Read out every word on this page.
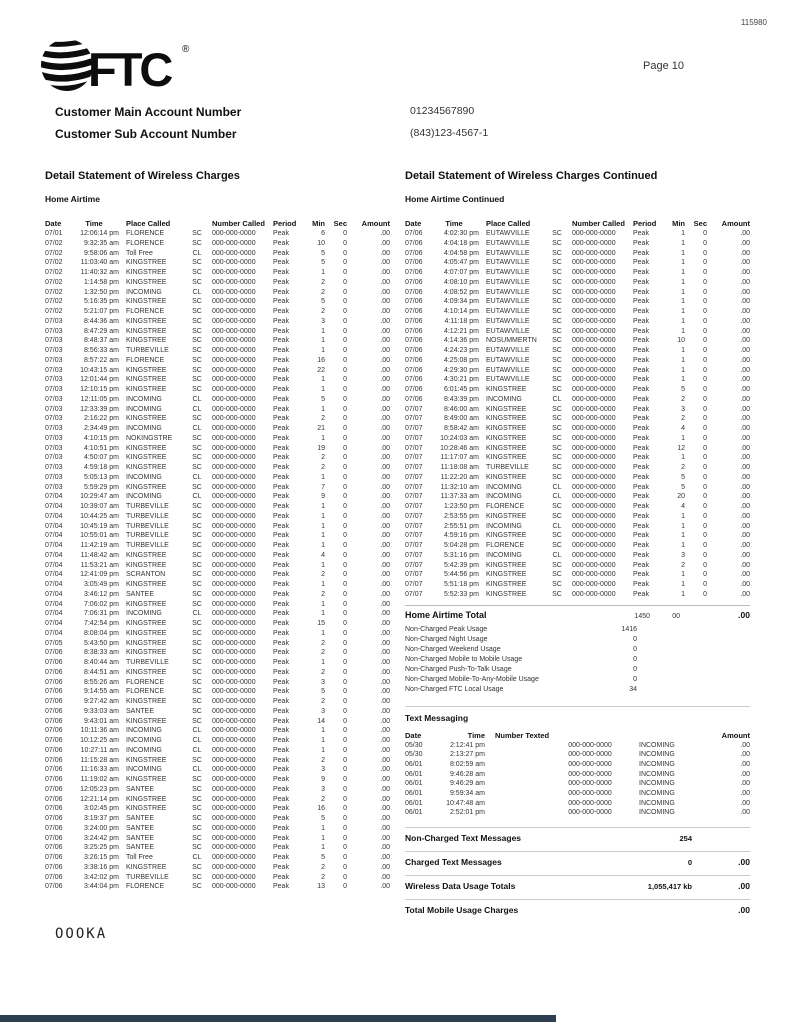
115980
FTC ®
Page 10
Customer Main Account Number	01234567890
Customer Sub Account Number	(843)123-4567-1
Detail Statement of Wireless Charges
Home Airtime
Date	Time	Place Called	Number Called	Period	Min	Sec	Amount
07/01	12:06:14 pm	FLORENCE	SC	000-000-0000	Peak	6	0	.00
07/02	9:32:35 am	FLORENCE	SC	000-000-0000	Peak	10	0	.00
07/02	9:58:06 am	Toll Free	CL	000-000-0000	Peak	5	0	.00
07/02	11:03:40 am	KINGSTREE	SC	000-000-0000	Peak	5	0	.00
07/02	11:40:32 am	KINGSTREE	SC	000-000-0000	Peak	1	0	.00
07/02	1:14:58 pm	KINGSTREE	SC	000-000-0000	Peak	2	0	.00
07/02	1:32:50 pm	INCOMING	CL	000-000-0000	Peak	2	0	.00
07/02	5:16:35 pm	KINGSTREE	SC	000-000-0000	Peak	5	0	.00
07/02	5:21:07 pm	FLORENCE	SC	000-000-0000	Peak	2	0	.00
07/03	8:44:36 am	KINGSTREE	SC	000-000-0000	Peak	3	0	.00
07/03	8:47:29 am	KINGSTREE	SC	000-000-0000	Peak	1	0	.00
07/03	8:48:37 am	KINGSTREE	SC	000-000-0000	Peak	1	0	.00
07/03	8:56:33 am	TURBEVILLE	SC	000-000-0000	Peak	1	0	.00
07/03	8:57:22 am	FLORENCE	SC	000-000-0000	Peak	16	0	.00
07/03	10:43:15 am	KINGSTREE	SC	000-000-0000	Peak	22	0	.00
07/03	12:01:44 pm	KINGSTREE	SC	000-000-0000	Peak	1	0	.00
07/03	12:10:15 pm	KINGSTREE	SC	000-000-0000	Peak	1	0	.00
07/03	12:11:05 pm	INCOMING	CL	000-000-0000	Peak	5	0	.00
07/03	12:33:39 pm	INCOMING	CL	000-000-0000	Peak	1	0	.00
07/03	2:16:22 pm	KINGSTREE	SC	000-000-0000	Peak	2	0	.00
07/03	2:34:49 pm	INCOMING	CL	000-000-0000	Peak	21	0	.00
07/03	4:10:15 pm	NOKINGSTRE	SC	000-000-0000	Peak	1	0	.00
07/03	4:10:51 pm	KINGSTREE	SC	000-000-0000	Peak	19	0	.00
07/03	4:50:07 pm	KINGSTREE	SC	000-000-0000	Peak	2	0	.00
07/03	4:59:18 pm	KINGSTREE	SC	000-000-0000	Peak	2	0	.00
07/03	5:05:13 pm	INCOMING	CL	000-000-0000	Peak	1	0	.00
07/03	5:59:29 pm	KINGSTREE	SC	000-000-0000	Peak	7	0	.00
07/04	10:29:47 am	INCOMING	CL	000-000-0000	Peak	9	0	.00
07/04	10:39:07 am	TURBEVILLE	SC	000-000-0000	Peak	1	0	.00
07/04	10:44:25 am	TURBEVILLE	SC	000-000-0000	Peak	1	0	.00
07/04	10:45:19 am	TURBEVILLE	SC	000-000-0000	Peak	1	0	.00
07/04	10:55:01 am	TURBEVILLE	SC	000-000-0000	Peak	1	0	.00
07/04	11:42:19 am	TURBEVILLE	SC	000-000-0000	Peak	1	0	.00
07/04	11:48:42 am	KINGSTREE	SC	000-000-0000	Peak	4	0	.00
07/04	11:53:21 am	KINGSTREE	SC	000-000-0000	Peak	1	0	.00
07/04	12:41:09 pm	SCRANTON	SC	000-000-0000	Peak	2	0	.00
07/04	3:05:49 pm	KINGSTREE	SC	000-000-0000	Peak	1	0	.00
07/04	3:46:12 pm	SANTEE	SC	000-000-0000	Peak	2	0	.00
07/04	7:06:02 pm	KINGSTREE	SC	000-000-0000	Peak	1	0	.00
07/04	7:06:31 pm	INCOMING	CL	000-000-0000	Peak	1	0	.00
07/04	7:42:54 pm	KINGSTREE	SC	000-000-0000	Peak	15	0	.00
07/04	8:08:04 pm	KINGSTREE	SC	000-000-0000	Peak	1	0	.00
07/05	5:43:50 pm	KINGSTREE	SC	000-000-0000	Peak	2	0	.00
07/06	8:38:33 am	KINGSTREE	SC	000-000-0000	Peak	2	0	.00
07/06	8:40:44 am	TURBEVILLE	SC	000-000-0000	Peak	1	0	.00
07/06	8:44:51 am	KINGSTREE	SC	000-000-0000	Peak	2	0	.00
07/06	8:55:26 am	FLORENCE	SC	000-000-0000	Peak	3	0	.00
07/06	9:14:55 am	FLORENCE	SC	000-000-0000	Peak	5	0	.00
07/06	9:27:42 am	KINGSTREE	SC	000-000-0000	Peak	2	0	.00
07/06	9:33:03 am	SANTEE	SC	000-000-0000	Peak	3	0	.00
07/06	9:43:01 am	KINGSTREE	SC	000-000-0000	Peak	14	0	.00
07/06	10:11:36 am	INCOMING	CL	000-000-0000	Peak	1	0	.00
07/06	10:12:25 am	INCOMING	CL	000-000-0000	Peak	1	0	.00
07/06	10:27:11 am	INCOMING	CL	000-000-0000	Peak	1	0	.00
07/06	11:15:28 am	KINGSTREE	SC	000-000-0000	Peak	2	0	.00
07/06	11:16:33 am	INCOMING	CL	000-000-0000	Peak	3	0	.00
07/06	11:19:02 am	KINGSTREE	SC	000-000-0000	Peak	9	0	.00
07/06	12:05:23 pm	SANTEE	SC	000-000-0000	Peak	3	0	.00
07/06	12:21:14 pm	KINGSTREE	SC	000-000-0000	Peak	2	0	.00
07/06	3:02:45 pm	KINGSTREE	SC	000-000-0000	Peak	16	0	.00
07/06	3:19:37 pm	SANTEE	SC	000-000-0000	Peak	5	0	.00
07/06	3:24:00 pm	SANTEE	SC	000-000-0000	Peak	1	0	.00
07/06	3:24:42 pm	SANTEE	SC	000-000-0000	Peak	1	0	.00
07/06	3:25:25 pm	SANTEE	SC	000-000-0000	Peak	1	0	.00
07/06	3:26:15 pm	Toll Free	CL	000-000-0000	Peak	5	0	.00
07/06	3:38:16 pm	KINGSTREE	SC	000-000-0000	Peak	2	0	.00
07/06	3:42:02 pm	TURBEVILLE	SC	000-000-0000	Peak	2	0	.00
07/06	3:44:04 pm	FLORENCE	SC	000-000-0000	Peak	13	0	.00
Detail Statement of Wireless Charges Continued
Home Airtime Continued
Date	Time	Place Called	Number Called	Period	Min	Sec	Amount
07/06	4:02:30 pm	EUTAWVILLE	SC	000-000-0000	Peak	1	0	.00
07/06	4:04:18 pm	EUTAWVILLE	SC	000-000-0000	Peak	1	0	.00
07/06	4:04:58 pm	EUTAWVILLE	SC	000-000-0000	Peak	1	0	.00
07/06	4:05:47 pm	EUTAWVILLE	SC	000-000-0000	Peak	1	0	.00
07/06	4:07:07 pm	EUTAWVILLE	SC	000-000-0000	Peak	1	0	.00
07/06	4:08:10 pm	EUTAWVILLE	SC	000-000-0000	Peak	1	0	.00
07/06	4:08:52 pm	EUTAWVILLE	SC	000-000-0000	Peak	1	0	.00
07/06	4:09:34 pm	EUTAWVILLE	SC	000-000-0000	Peak	1	0	.00
07/06	4:10:14 pm	EUTAWVILLE	SC	000-000-0000	Peak	1	0	.00
07/06	4:11:18 pm	EUTAWVILLE	SC	000-000-0000	Peak	1	0	.00
07/06	4:12:21 pm	EUTAWVILLE	SC	000-000-0000	Peak	1	0	.00
07/06	4:14:36 pm	NOSUMMERTN	SC	000-000-0000	Peak	10	0	.00
07/06	4:24:23 pm	EUTAWVILLE	SC	000-000-0000	Peak	1	0	.00
07/06	4:25:08 pm	EUTAWVILLE	SC	000-000-0000	Peak	1	0	.00
07/06	4:29:30 pm	EUTAWVILLE	SC	000-000-0000	Peak	1	0	.00
07/06	4:30:21 pm	EUTAWVILLE	SC	000-000-0000	Peak	1	0	.00
07/06	6:01:45 pm	KINGSTREE	SC	000-000-0000	Peak	5	0	.00
07/06	8:43:39 pm	INCOMING	CL	000-000-0000	Peak	2	0	.00
07/07	8:46:00 am	KINGSTREE	SC	000-000-0000	Peak	3	0	.00
07/07	8:49:00 am	KINGSTREE	SC	000-000-0000	Peak	2	0	.00
07/07	8:58:42 am	KINGSTREE	SC	000-000-0000	Peak	4	0	.00
07/07	10:24:03 am	KINGSTREE	SC	000-000-0000	Peak	1	0	.00
07/07	10:28:46 am	KINGSTREE	SC	000-000-0000	Peak	12	0	.00
07/07	11:17:07 am	KINGSTREE	SC	000-000-0000	Peak	1	0	.00
07/07	11:18:08 am	TURBEVILLE	SC	000-000-0000	Peak	2	0	.00
07/07	11:22:20 am	KINGSTREE	SC	000-000-0000	Peak	5	0	.00
07/07	11:32:10 am	INCOMING	CL	000-000-0000	Peak	5	0	.00
07/07	11:37:33 am	INCOMING	CL	000-000-0000	Peak	20	0	.00
07/07	1:23:50 pm	FLORENCE	SC	000-000-0000	Peak	4	0	.00
07/07	2:53:55 pm	KINGSTREE	SC	000-000-0000	Peak	1	0	.00
07/07	2:55:51 pm	INCOMING	CL	000-000-0000	Peak	1	0	.00
07/07	4:59:16 pm	KINGSTREE	SC	000-000-0000	Peak	1	0	.00
07/07	5:04:28 pm	FLORENCE	SC	000-000-0000	Peak	1	0	.00
07/07	5:31:16 pm	INCOMING	CL	000-000-0000	Peak	3	0	.00
07/07	5:42:39 pm	KINGSTREE	SC	000-000-0000	Peak	2	0	.00
07/07	5:44:56 pm	KINGSTREE	SC	000-000-0000	Peak	1	0	.00
07/07	5:51:18 pm	KINGSTREE	SC	000-000-0000	Peak	1	0	.00
07/07	5:52:33 pm	KINGSTREE	SC	000-000-0000	Peak	1	0	.00
Home Airtime Total	1450	00	.00
Non-Charged Peak Usage	1416
Non-Charged Night Usage	0
Non-Charged Weekend Usage	0
Non-Charged Mobile to Mobile Usage	0
Non-Charged Push-To-Talk Usage	0
Non-Charged Mobile-To-Any-Mobile Usage	0
Non-Charged FTC Local Usage	34
Text Messaging
Date	Time Number Texted	Amount
05/30	2:12:41 pm	000-000-0000	INCOMING	.00
05/30	2:13:27 pm	000-000-0000	INCOMING	.00
06/01	8:02:59 am	000-000-0000	INCOMING	.00
06/01	9:46:28 am	000-000-0000	INCOMING	.00
06/01	9:46:29 am	000-000-0000	INCOMING	.00
06/01	9:59:34 am	000-000-0000	INCOMING	.00
06/01	10:47:48 am	000-000-0000	INCOMING	.00
06/01	2:52:01 pm	000-000-0000	INCOMING	.00
Non-Charged Text Messages	254
Charged Text Messages	0	.00
Wireless Data Usage Totals	1,055,417 kb	.00
Total Mobile Usage Charges	.00
OOOKA
